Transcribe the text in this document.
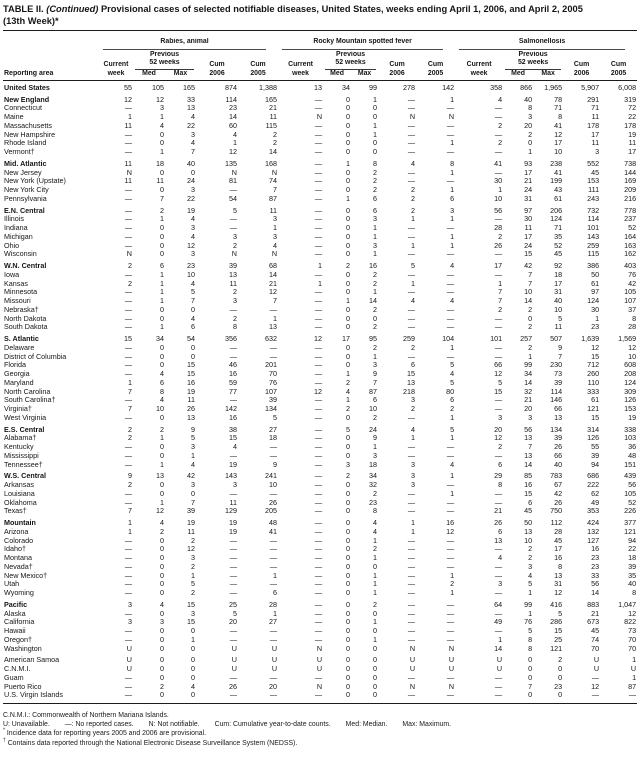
TABLE II. (Continued) Provisional cases of selected notifiable diseases, United States, weeks ending April 1, 2006, and April 2, 2005
(13th Week)*

	Rabies, animal					Rocky Mountain spotted fever					Salmonellosis				

		Previous					Previous					Previous			
	Current	52 weeks		Cum	Cum	Current	52 weeks		Cum	Cum	Current	52 weeks		Cum	Cum
Reporting area	week	Med	Max	2006	2005	week	Med	Max	2006	2005	week	Med	Max	2006	2005
United States	55	105	165	874	1,388	13	34	99	278	142	358	866	1,965	5,907	6,008

New England	12	12	33	114	165	—	0	1	—	1	4	40	78	291	319
Connecticut	—	3	13	23	21	—	0	0	—	—	—	8	71	71	72
Maine	1	1	4	14	11	N	0	0	N	N	—	3	8	11	22
Massachusetts	11	4	22	60	115	—	0	1	—	—	2	20	41	178	178
New Hampshire	—	0	3	4	2	—	0	1	—	—	—	2	12	17	19
Rhode Island	—	0	4	1	2	—	0	0	—	1	2	0	17	11	11
Vermont†	—	1	7	12	14	—	0	0	—	—	—	1	10	3	17

Mid. Atlantic	11	18	40	135	168	—	1	8	4	8	41	93	238	552	738
New Jersey	N	0	0	N	N	—	0	2	—	1	—	17	41	45	144
New York (Upstate)	11	11	24	81	74	—	0	2	—	—	30	21	199	153	169
New York City	—	0	3	—	7	—	0	2	2	1	1	24	43	111	209
Pennsylvania	—	7	22	54	87	—	1	6	2	6	10	31	61	243	216

E.N. Central	—	2	19	5	11	—	0	6	2	3	56	97	206	732	778
Illinois	—	1	4	—	3	—	0	3	1	1	—	30	124	114	237
Indiana	—	0	3	—	1	—	0	1	—	—	28	11	71	101	52
Michigan	—	0	4	3	3	—	0	1	—	1	2	17	35	143	164
Ohio	—	0	12	2	4	—	0	3	1	1	26	24	52	259	163
Wisconsin	N	0	3	N	N	—	0	1	—	—	—	15	45	115	162

W.N. Central	2	6	23	39	68	1	2	16	5	4	17	42	92	386	403
Iowa	—	1	10	13	14	—	0	2	—	—	—	7	18	50	76
Kansas	2	1	4	11	21	1	0	2	1	—	1	7	17	61	42
Minnesota	—	1	5	2	12	—	0	1	—	—	7	10	31	97	105
Missouri	—	1	7	3	7	—	1	14	4	4	7	14	40	124	107
Nebraska†	—	0	0	—	—	—	0	2	—	—	2	2	10	30	37
North Dakota	—	0	4	2	1	—	0	0	—	—	—	0	5	1	8
South Dakota	—	1	6	8	13	—	0	2	—	—	—	2	11	23	28

S. Atlantic	15	34	54	356	632	12	17	95	259	104	101	257	507	1,639	1,569
Delaware	—	0	0	—	—	—	0	2	2	1	—	2	9	12	12
District of Columbia	—	0	0	—	—	—	0	1	—	—	—	1	7	15	10
Florida	—	0	15	46	201	—	0	3	6	5	66	99	230	712	608
Georgia	—	4	15	16	70	—	1	9	15	4	12	34	73	260	208
Maryland	1	6	16	59	76	—	2	7	13	5	5	14	39	110	124
North Carolina	7	8	19	77	107	12	4	87	218	80	15	32	114	333	309
South Carolina†	—	4	11	—	39	—	1	6	3	6	—	21	146	61	126
Virginia†	7	10	26	142	134	—	2	10	2	2	—	20	66	121	153
West Virginia	—	0	13	16	5	—	0	2	—	1	3	3	13	15	19

E.S. Central	2	2	9	38	27	—	5	24	4	5	20	56	134	314	338
Alabama†	2	1	5	15	18	—	0	9	1	1	12	13	39	126	103
Kentucky	—	0	3	4	—	—	0	1	—	—	2	7	26	55	36
Mississippi	—	0	1	—	—	—	0	3	—	—	—	13	66	39	48
Tennessee†	—	1	4	19	9	—	3	18	3	4	6	14	40	94	151

W.S. Central	9	13	42	143	241	—	2	34	3	1	29	85	783	686	439
Arkansas	2	0	3	3	10	—	0	32	3	—	8	16	67	222	56
Louisiana	—	0	0	—	—	—	0	2	—	1	—	15	42	62	105
Oklahoma	—	1	7	11	26	—	0	23	—	—	—	6	26	49	52
Texas†	7	12	39	129	205	—	0	8	—	—	21	45	750	353	226

Mountain	1	4	19	19	48	—	0	4	1	16	26	50	112	424	377
Arizona	1	2	11	19	41	—	0	4	1	12	6	13	28	132	121
Colorado	—	0	2	—	—	—	0	1	—	—	13	10	45	127	94
Idaho†	—	0	12	—	—	—	0	2	—	—	—	2	17	16	22
Montana	—	0	3	—	—	—	0	1	—	—	4	2	16	23	18
Nevada†	—	0	2	—	—	—	0	0	—	—	—	3	8	23	39
New Mexico†	—	0	1	—	1	—	0	1	—	1	—	4	13	33	35
Utah	—	0	5	—	—	—	0	1	—	2	3	5	31	56	40
Wyoming	—	0	2	—	6	—	0	1	—	1	—	1	12	14	8

Pacific	3	4	15	25	28	—	0	2	—	—	64	99	416	883	1,047
Alaska	—	0	3	5	1	—	0	0	—	—	—	1	5	21	12
California	3	3	15	20	27	—	0	1	—	—	49	76	286	673	822
Hawaii	—	0	0	—	—	—	0	0	—	—	—	5	15	45	73
Oregon†	—	0	1	—	—	—	0	1	—	—	1	8	25	74	70
Washington	U	0	0	U	U	N	0	0	N	N	14	8	121	70	70

American Samoa	U	0	0	U	U	U	0	0	U	U	U	0	2	U	1
C.N.M.I.	U	0	0	U	U	U	0	0	U	U	U	0	0	U	U
Guam	—	0	0	—	—	—	0	0	—	—	—	0	0	—	1
Puerto Rico	—	2	4	26	20	N	0	0	N	N	—	7	23	12	87
U.S. Virgin Islands	—	0	0	—	—	—	0	0	—	—	—	0	0	—	—
C.N.M.I.: Commonwealth of Northern Mariana Islands.
U: Unavailable. —: No reported cases. N: Not notifiable. Cum: Cumulative year-to-date counts. Med: Median. Max: Maximum.
* Incidence data for reporting years 2005 and 2006 are provisional.
† Contains data reported through the National Electronic Disease Surveillance System (NEDSS).
